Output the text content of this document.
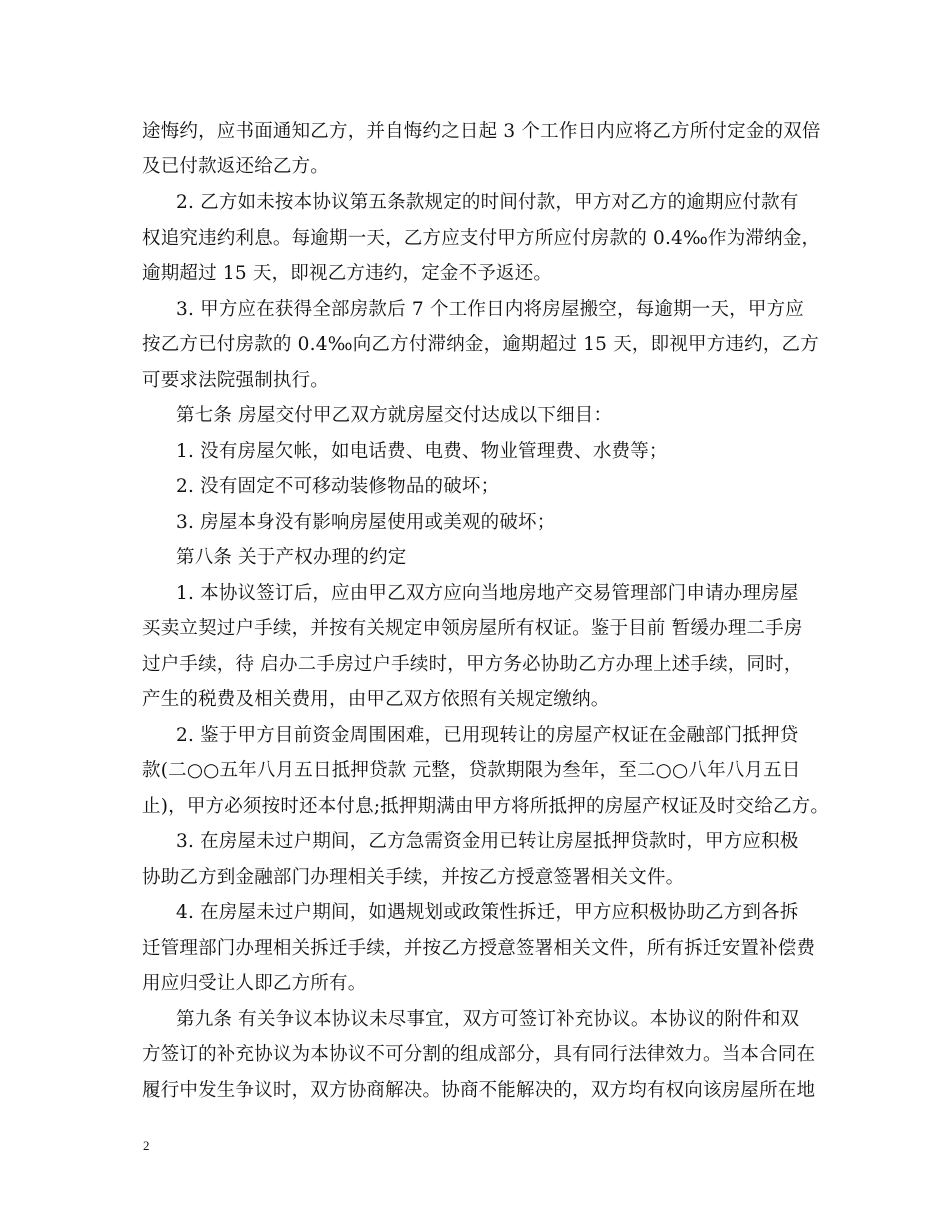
途悔约，应书面通知乙方，并自悔约之日起 3 个工作日内应将乙方所付定金的双倍
及已付款返还给乙方。
2. 乙方如未按本协议第五条款规定的时间付款，甲方对乙方的逾期应付款有
权追究违约利息。每逾期一天，乙方应支付甲方所应付房款的 0.4‰作为滞纳金，
逾期超过 15 天，即视乙方违约，定金不予返还。
3. 甲方应在获得全部房款后 7 个工作日内将房屋搬空，每逾期一天，甲方应
按乙方已付房款的 0.4‰向乙方付滞纳金，逾期超过 15 天，即视甲方违约，乙方
可要求法院强制执行。
第七条 房屋交付甲乙双方就房屋交付达成以下细目：
1. 没有房屋欠帐，如电话费、电费、物业管理费、水费等；
2. 没有固定不可移动装修物品的破坏；
3. 房屋本身没有影响房屋使用或美观的破坏；
第八条 关于产权办理的约定
1. 本协议签订后，应由甲乙双方应向当地房地产交易管理部门申请办理房屋
买卖立契过户手续，并按有关规定申领房屋所有权证。鉴于目前 暂缓办理二手房
过户手续，待 启办二手房过户手续时，甲方务必协助乙方办理上述手续，同时，
产生的税费及相关费用，由甲乙双方依照有关规定缴纳。
2. 鉴于甲方目前资金周围困难，已用现转让的房屋产权证在金融部门抵押贷
款(二○○五年八月五日抵押贷款 元整，贷款期限为叁年，至二○○八年八月五日
止)，甲方必须按时还本付息;抵押期满由甲方将所抵押的房屋产权证及时交给乙方。
3. 在房屋未过户期间，乙方急需资金用已转让房屋抵押贷款时，甲方应积极
协助乙方到金融部门办理相关手续，并按乙方授意签署相关文件。
4. 在房屋未过户期间，如遇规划或政策性拆迁，甲方应积极协助乙方到各拆
迁管理部门办理相关拆迁手续，并按乙方授意签署相关文件，所有拆迁安置补偿费
用应归受让人即乙方所有。
第九条 有关争议本协议未尽事宜，双方可签订补充协议。本协议的附件和双
方签订的补充协议为本协议不可分割的组成部分，具有同行法律效力。当本合同在
履行中发生争议时，双方协商解决。协商不能解决的，双方均有权向该房屋所在地
2
